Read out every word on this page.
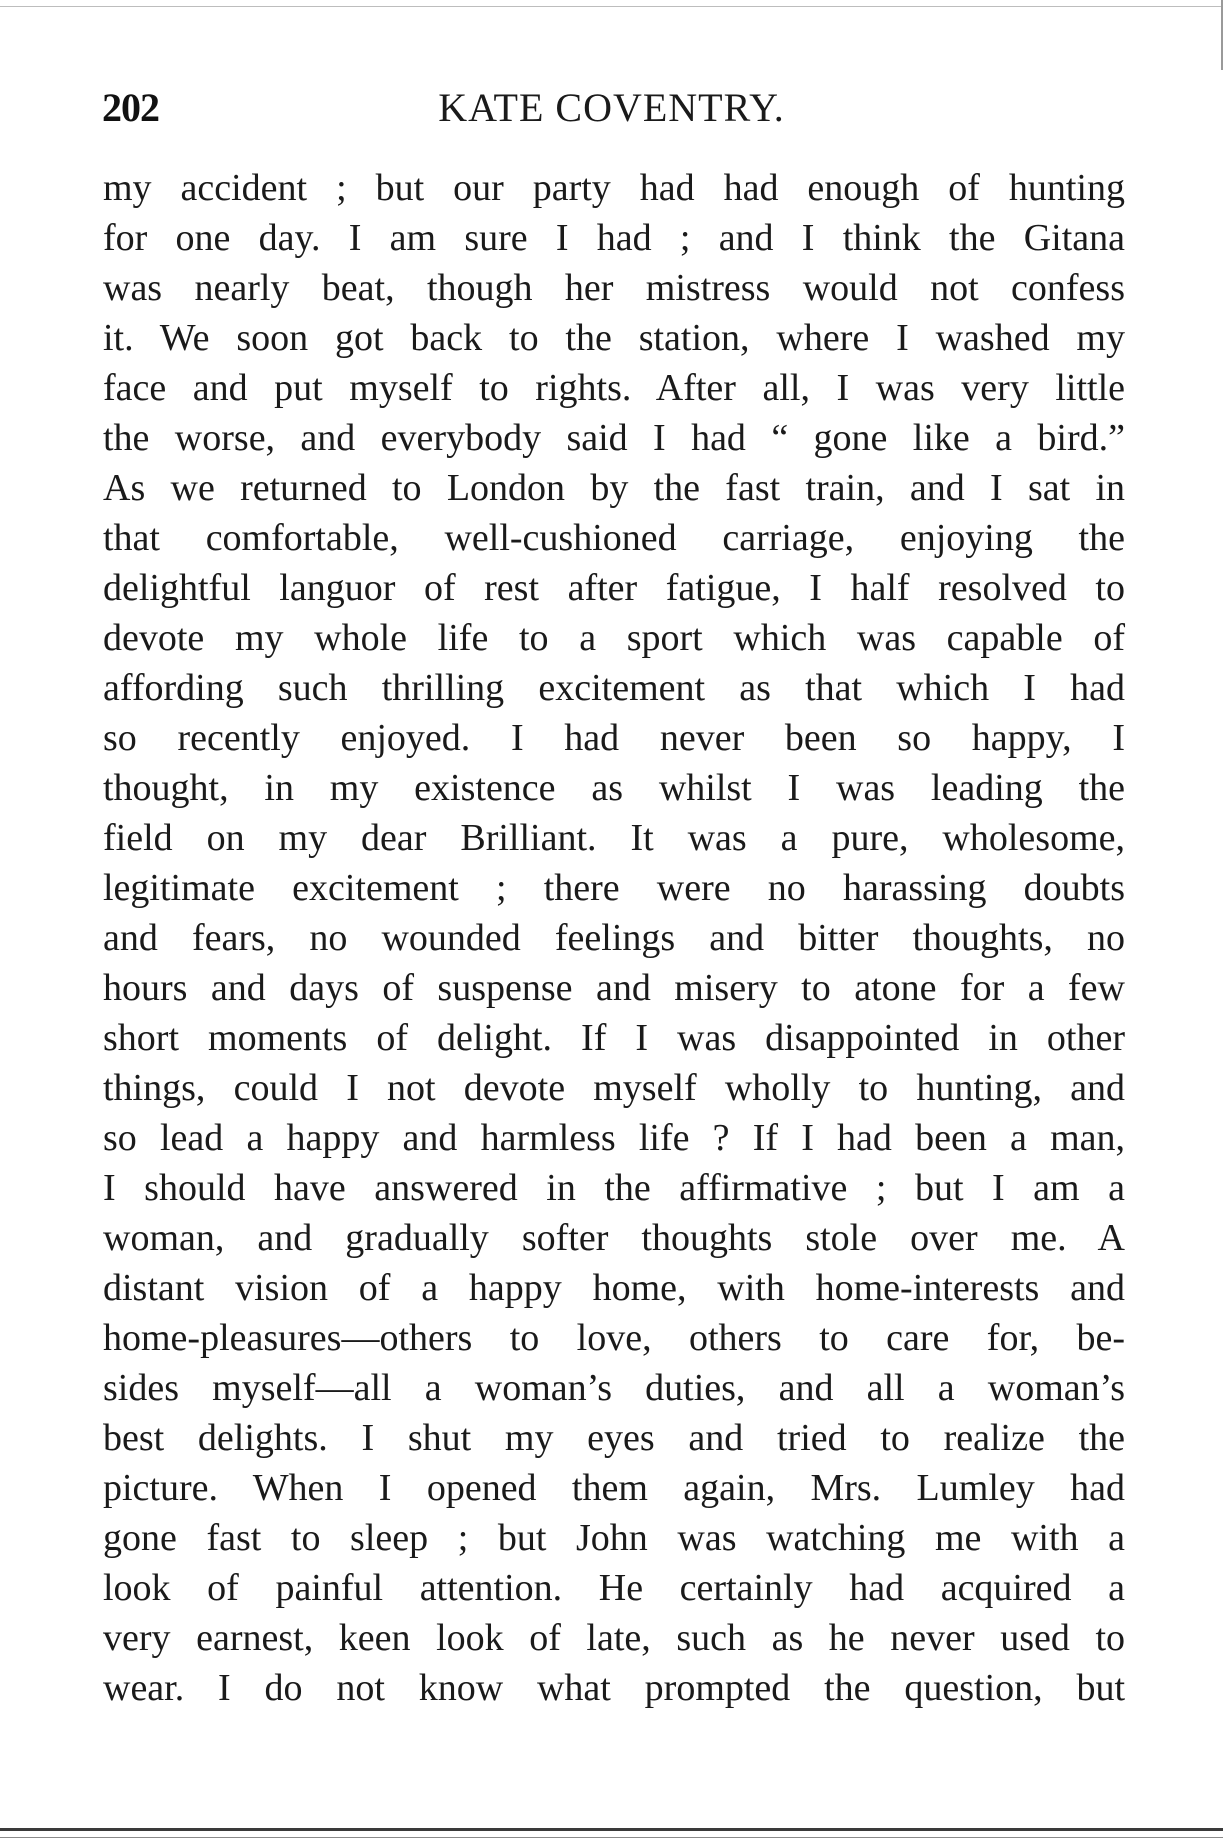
202	KATE COVENTRY.
my accident ; but our party had had enough of hunting
for one day. I am sure I had ; and I think the Gitana
was nearly beat, though her mistress would not confess
it. We soon got back to the station, where I washed my
face and put myself to rights. After all, I was very little
the worse, and everybody said I had “ gone like a bird.”
As we returned to London by the fast train, and I sat in
that comfortable, well-cushioned carriage, enjoying the
delightful languor of rest after fatigue, I half resolved to
devote my whole life to a sport which was capable of
affording such thrilling excitement as that which I had
so recently enjoyed. I had never been so happy, I
thought, in my existence as whilst I was leading the
field on my dear Brilliant. It was a pure, wholesome,
legitimate excitement ; there were no harassing doubts
and fears, no wounded feelings and bitter thoughts, no
hours and days of suspense and misery to atone for a few
short moments of delight. If I was disappointed in other
things, could I not devote myself wholly to hunting, and
so lead a happy and harmless life ? If I had been a man,
I should have answered in the affirmative ; but I am a
woman, and gradually softer thoughts stole over me. A
distant vision of a happy home, with home-interests and
home-pleasures—others to love, others to care for, be-
sides myself—all a woman’s duties, and all a woman’s
best delights. I shut my eyes and tried to realize the
picture. When I opened them again, Mrs. Lumley had
gone fast to sleep ; but John was watching me with a
look of painful attention. He certainly had acquired a
very earnest, keen look of late, such as he never used to
wear. I do not know what prompted the question, but
